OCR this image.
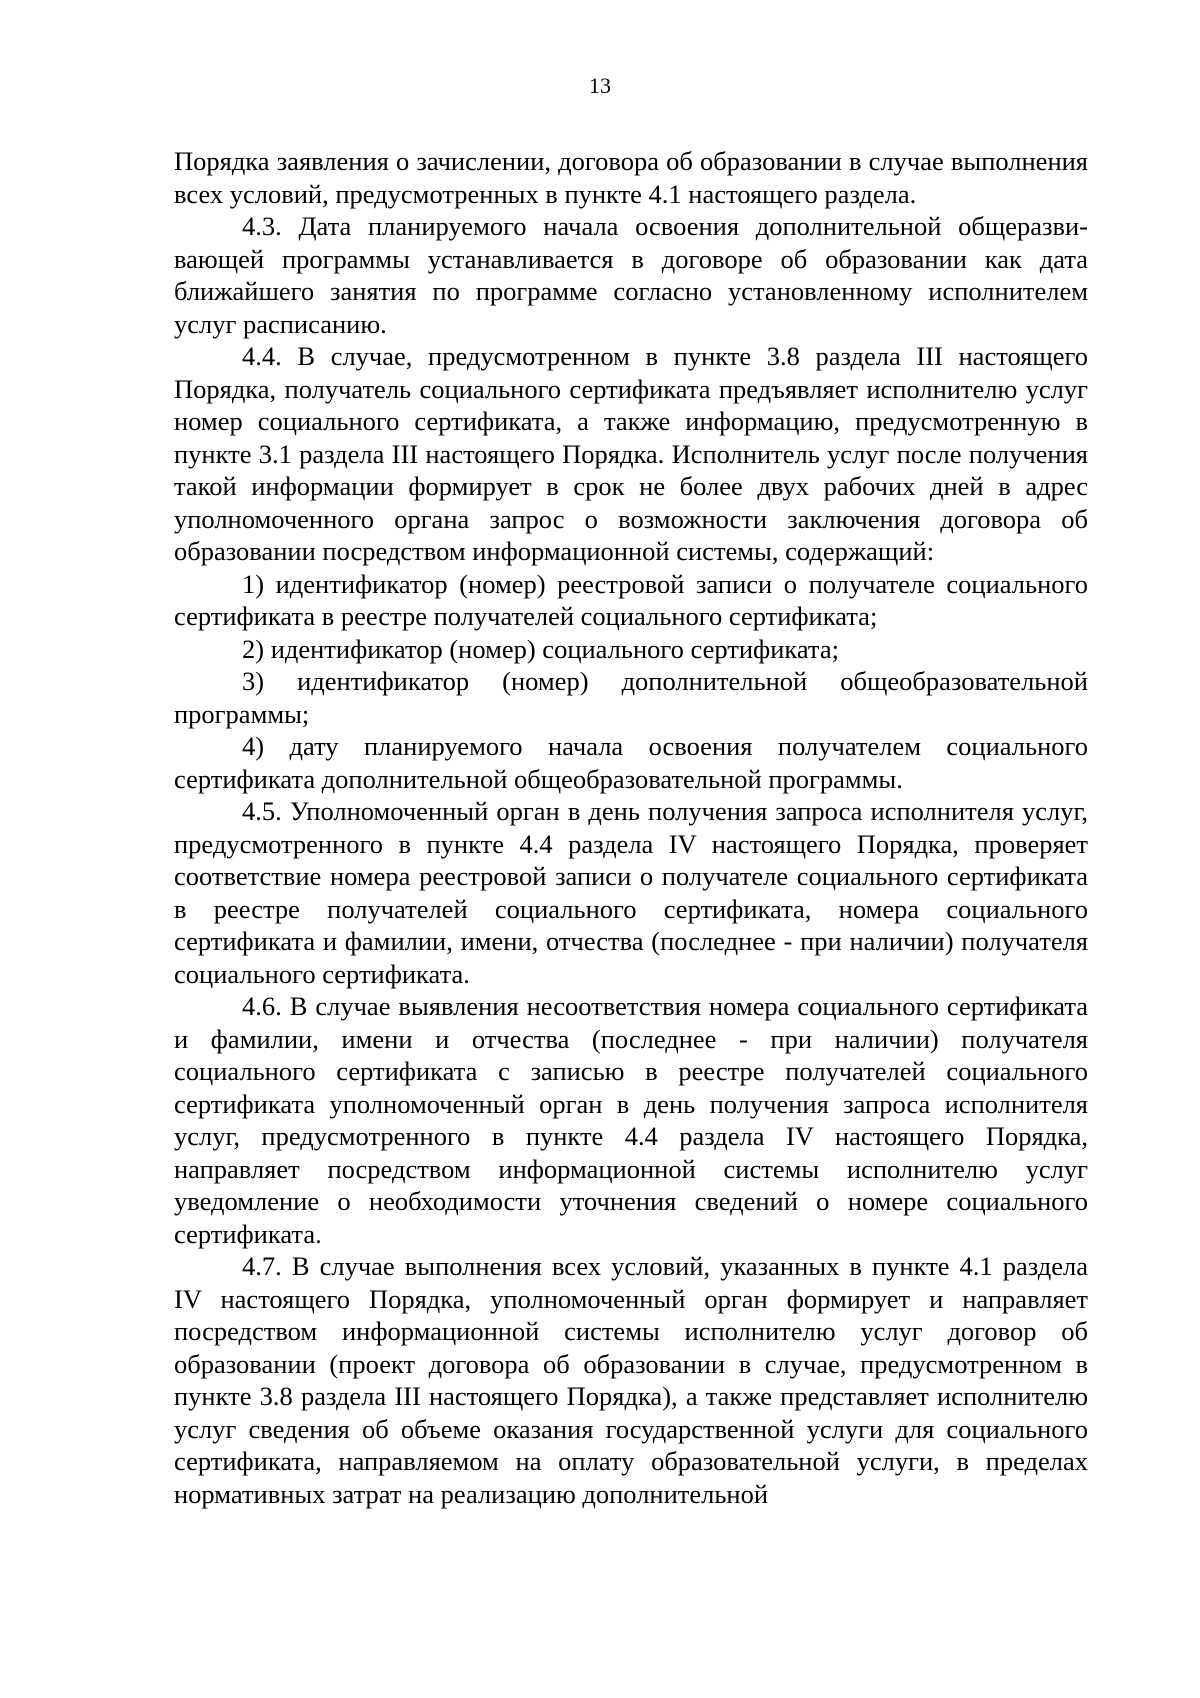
13

Порядка заявления о зачислении, договора об образовании в случае выполнения всех условий, предусмотренных в пункте 4.1 настоящего раздела.

4.3. Дата планируемого начала освоения дополнительной общеразвивающей программы устанавливается в договоре об образовании как дата ближайшего занятия по программе согласно установленному исполнителем услуг расписанию.

4.4. В случае, предусмотренном в пункте 3.8 раздела III настоящего Порядка, получатель социального сертификата предъявляет исполнителю услуг номер социального сертификата, а также информацию, предусмотренную в пункте 3.1 раздела III настоящего Порядка. Исполнитель услуг после получения такой информации формирует в срок не более двух рабочих дней в адрес уполномоченного органа запрос о возможности заключения договора об образовании посредством информационной системы, содержащий:

1) идентификатор (номер) реестровой записи о получателе социального сертификата в реестре получателей социального сертификата;

2) идентификатор (номер) социального сертификата;

3) идентификатор (номер) дополнительной общеобразовательной программы;

4) дату планируемого начала освоения получателем социального сертификата дополнительной общеобразовательной программы.

4.5. Уполномоченный орган в день получения запроса исполнителя услуг, предусмотренного в пункте 4.4 раздела IV настоящего Порядка, проверяет соответствие номера реестровой записи о получателе социального сертификата в реестре получателей социального сертификата, номера социального сертификата и фамилии, имени, отчества (последнее - при наличии) получателя социального сертификата.

4.6. В случае выявления несоответствия номера социального сертификата и фамилии, имени и отчества (последнее - при наличии) получателя социального сертификата с записью в реестре получателей социального сертификата уполномоченный орган в день получения запроса исполнителя услуг, предусмотренного в пункте 4.4 раздела IV настоящего Порядка, направляет посредством информационной системы исполнителю услуг уведомление о необходимости уточнения сведений о номере социального сертификата.

4.7. В случае выполнения всех условий, указанных в пункте 4.1 раздела IV настоящего Порядка, уполномоченный орган формирует и направляет посредством информационной системы исполнителю услуг договор об образовании (проект договора об образовании в случае, предусмотренном в пункте 3.8 раздела III настоящего Порядка), а также представляет исполнителю услуг сведения об объеме оказания государственной услуги для социального сертификата, направляемом на оплату образовательной услуги, в пределах нормативных затрат на реализацию дополнительной
